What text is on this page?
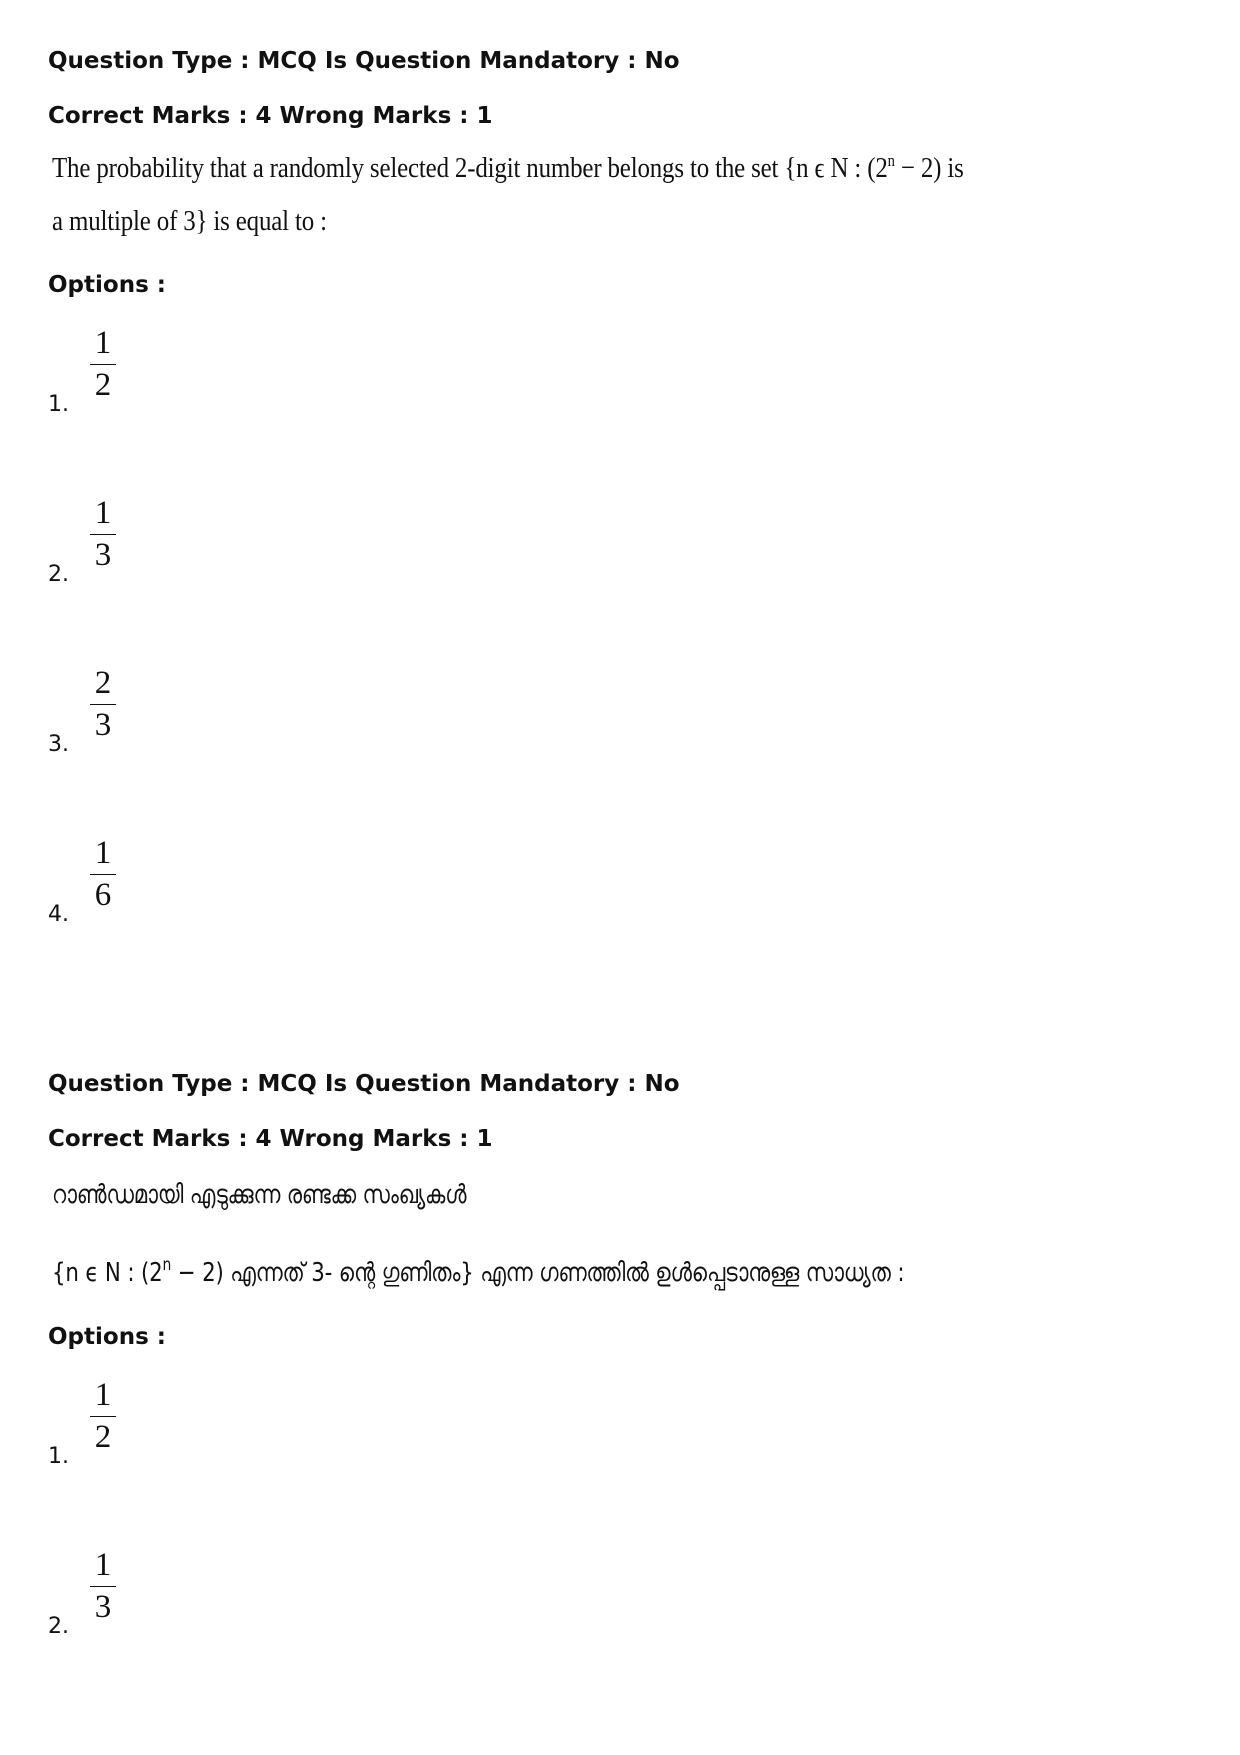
Question Type : MCQ Is Question Mandatory : No
Correct Marks : 4 Wrong Marks : 1
The probability that a randomly selected 2-digit number belongs to the set {n ϵ N : $(2^n - 2)$ is
a multiple of 3} is equal to :
Options :
1.
1
2
2.
1
3
3.
2
3
4.
1
6
Question Type : MCQ Is Question Mandatory : No
Correct Marks : 4 Wrong Marks : 1
റാൺഡമായി എടുക്കുന്ന രണ്ടക്ക സംഖ്യകൾ
{n ϵ N : $(2^n - 2)$ എന്നത് 3- ന്റെ ഗുണിതം} എന്ന ഗണത്തിൽ ഉൾപ്പെടാനുള്ള സാധ്യത :
Options :
1.
1
2
2.
1
3
